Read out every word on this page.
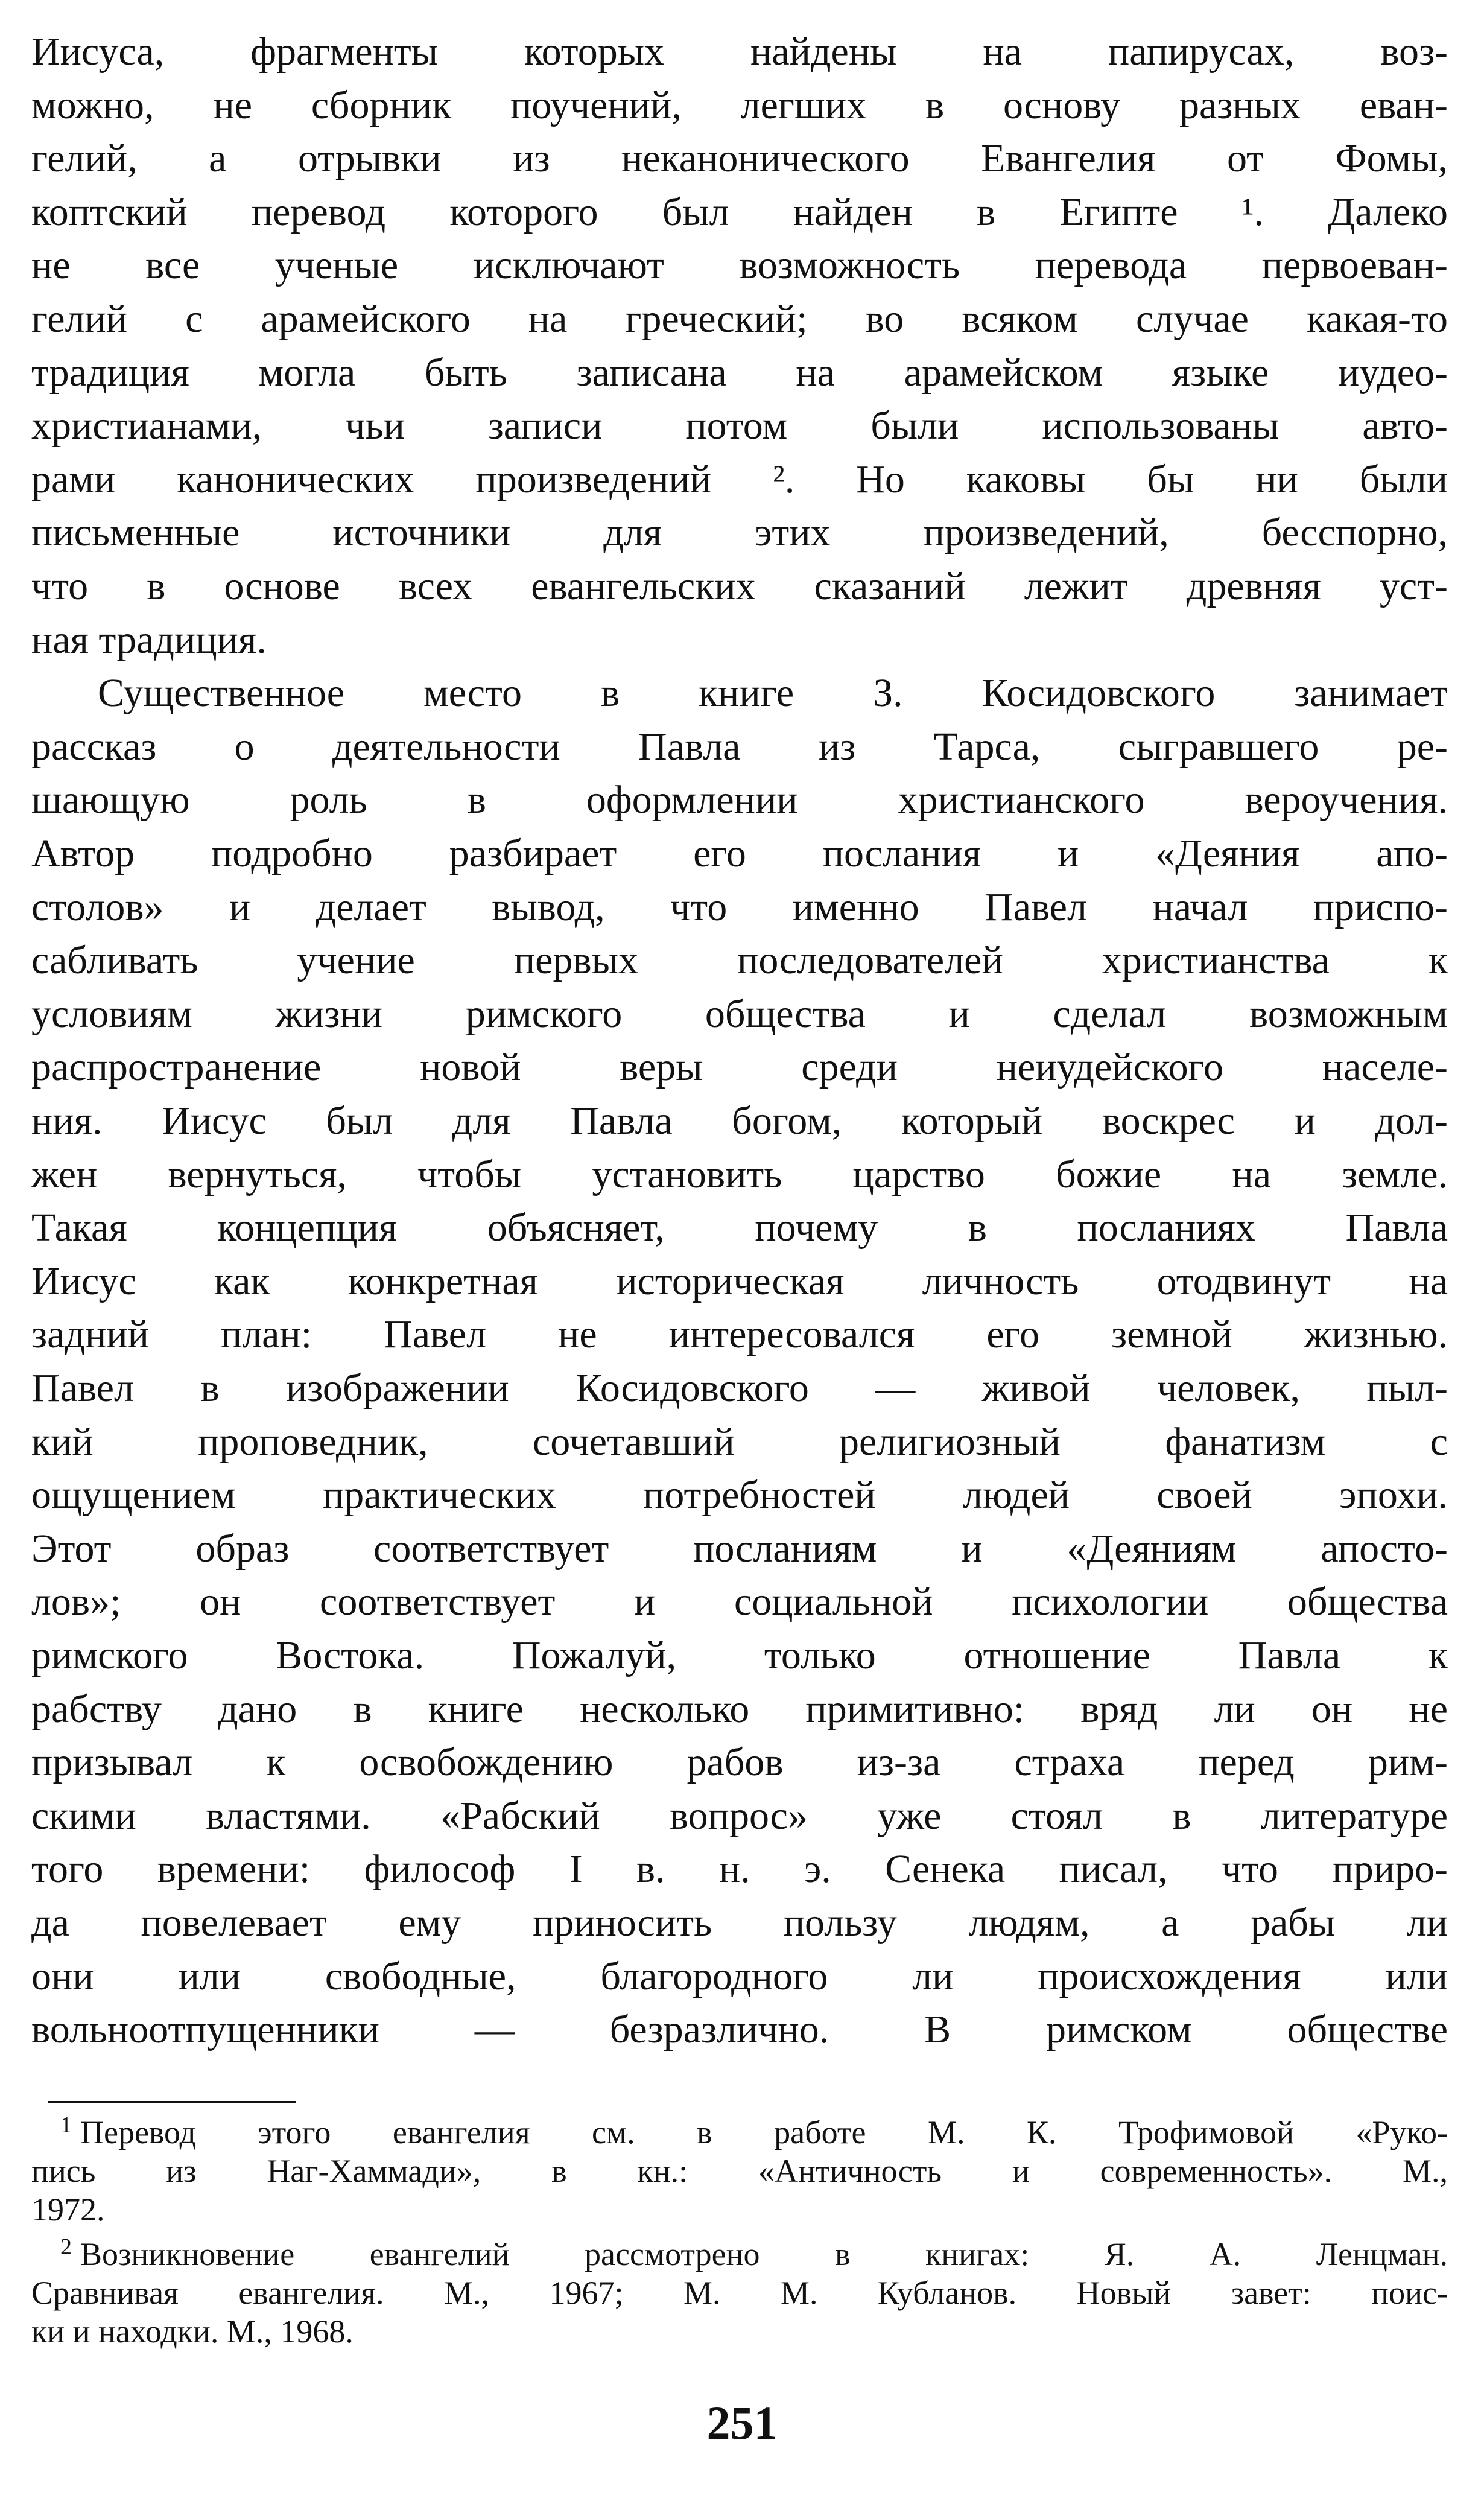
Иисуса, фрагменты которых найдены на папирусах, воз-
можно, не сборник поучений, легших в основу разных еван-
гелий, а отрывки из неканонического Евангелия от Фомы,
коптский перевод которого был найден в Египте ¹. Далеко
не все ученые исключают возможность перевода первоеван-
гелий с арамейского на греческий; во всяком случае какая-то
традиция могла быть записана на арамейском языке иудео-
христианами, чьи записи потом были использованы авто-
рами канонических произведений ². Но каковы бы ни были
письменные источники для этих произведений, бесспорно,
что в основе всех евангельских сказаний лежит древняя уст-
ная традиция.
Существенное место в книге З. Косидовского занимает
рассказ о деятельности Павла из Тарса, сыгравшего ре-
шающую роль в оформлении христианского вероучения.
Автор подробно разбирает его послания и «Деяния апо-
столов» и делает вывод, что именно Павел начал приспо-
сабливать учение первых последователей христианства к
условиям жизни римского общества и сделал возможным
распространение новой веры среди неиудейского населе-
ния. Иисус был для Павла богом, который воскрес и дол-
жен вернуться, чтобы установить царство божие на земле.
Такая концепция объясняет, почему в посланиях Павла
Иисус как конкретная историческая личность отодвинут на
задний план: Павел не интересовался его земной жизнью.
Павел в изображении Косидовского — живой человек, пыл-
кий проповедник, сочетавший религиозный фанатизм с
ощущением практических потребностей людей своей эпохи.
Этот образ соответствует посланиям и «Деяниям апосто-
лов»; он соответствует и социальной психологии общества
римского Востока. Пожалуй, только отношение Павла к
рабству дано в книге несколько примитивно: вряд ли он не
призывал к освобождению рабов из-за страха перед рим-
скими властями. «Рабский вопрос» уже стоял в литературе
того времени: философ I в. н. э. Сенека писал, что приро-
да повелевает ему приносить пользу людям, а рабы ли
они или свободные, благородного ли происхождения или
вольноотпущенники — безразлично. В римском обществе
$^1$ Перевод этого евангелия см. в работе М. К. Трофимовой «Руко-
пись из Наг-Хаммади», в кн.: «Античность и современность». М.,
1972.
$^2$ Возникновение евангелий рассмотрено в книгах: Я. А. Ленцман.
Сравнивая евангелия. М., 1967; М. М. Кубланов. Новый завет: поис-
ки и находки. М., 1968.
251
